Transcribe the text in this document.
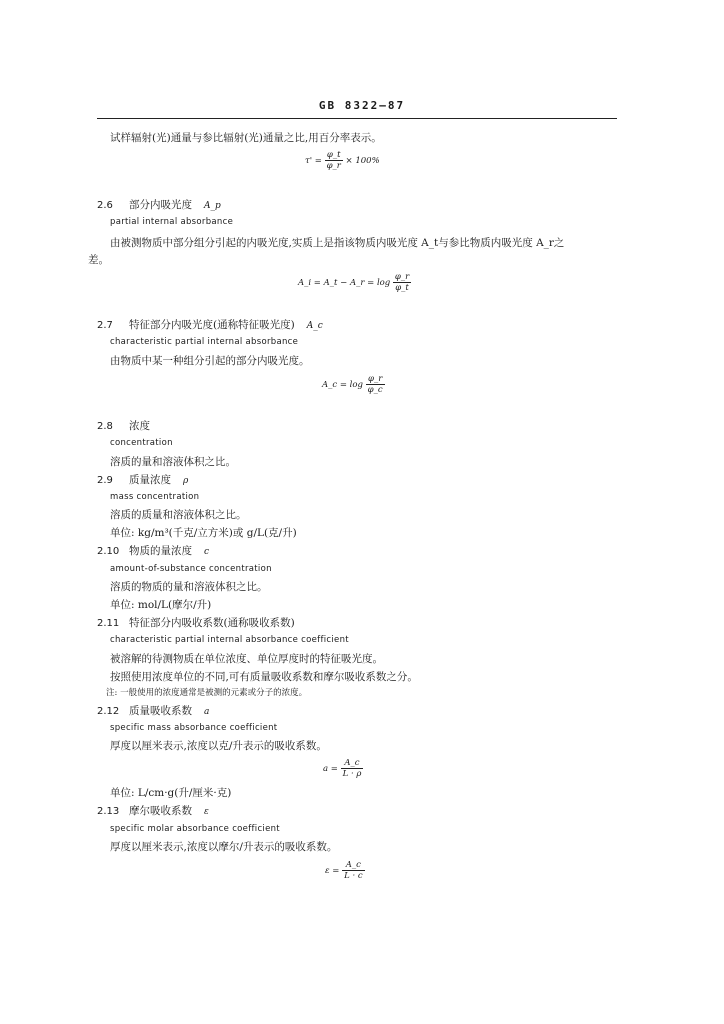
GB 8322—87
试样辐射(光)通量与参比辐射(光)通量之比,用百分率表示。
$\tau' = \frac{\varphi\_t}{\varphi\_r} \times 100\%$
2.6 部分内吸光度 A_p
partial internal absorbance
由被测物质中部分组分引起的内吸光度,实质上是指该物质内吸光度 A_t与参比物质内吸光度 A_r之
差。
A_i = A_t − A_r = $\log \frac{\varphi\_r}{\varphi\_t}$
2.7 特征部分内吸光度(通称特征吸光度) A_c
characteristic partial internal absorbance
由物质中某一种组分引起的部分内吸光度。
A_c = $\log \frac{\varphi\_r}{\varphi\_c}$
2.8 浓度
concentration
溶质的量和溶液体积之比。
2.9 质量浓度 ρ
mass concentration
溶质的质量和溶液体积之比。
单位: kg/m³(千克/立方米)或 g/L(克/升)
2.10 物质的量浓度 c
amount-of-substance concentration
溶质的物质的量和溶液体积之比。
单位: mol/L(摩尔/升)
2.11 特征部分内吸收系数(通称吸收系数)
characteristic partial internal absorbance coefficient
被溶解的待测物质在单位浓度、单位厚度时的特征吸光度。
按照使用浓度单位的不同,可有质量吸收系数和摩尔吸收系数之分。
注: 一般使用的浓度通常是被测的元素或分子的浓度。
2.12 质量吸收系数 a
specific mass absorbance coefficient
厚度以厘米表示,浓度以克/升表示的吸收系数。
$a = \frac{A\_c}{L \cdot \rho}$
单位: L/cm·g(升/厘米·克)
2.13 摩尔吸收系数 ε
specific molar absorbance coefficient
厚度以厘米表示,浓度以摩尔/升表示的吸收系数。
$\varepsilon = \frac{A\_c}{L \cdot c}$
